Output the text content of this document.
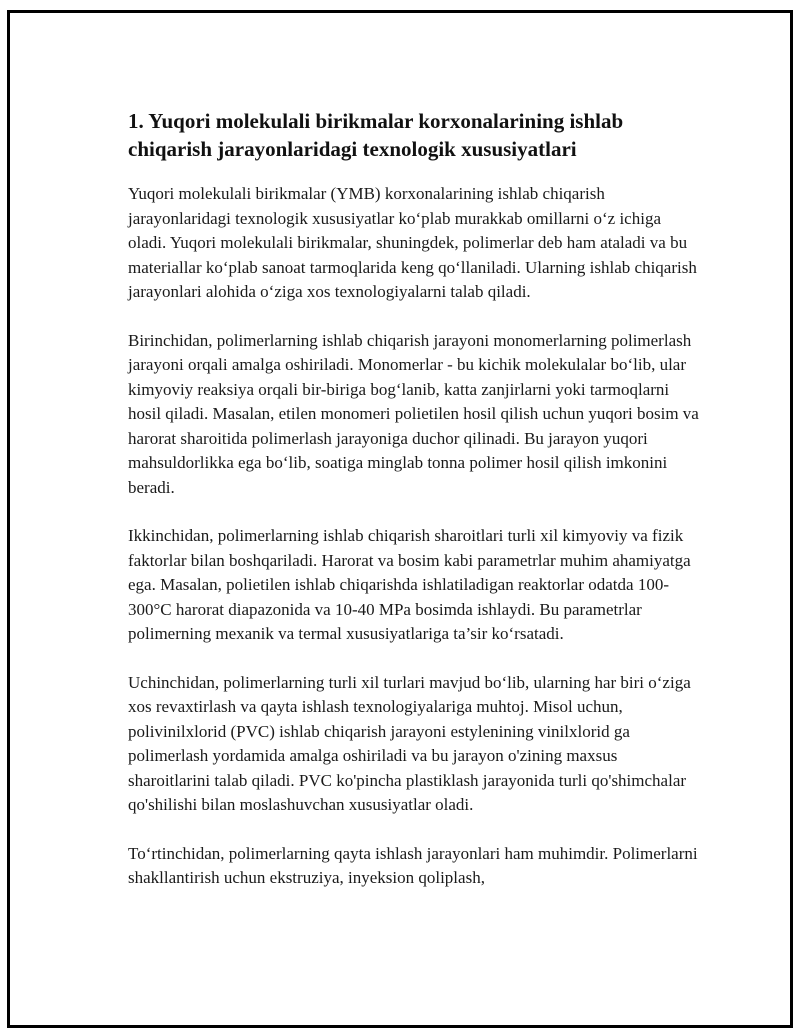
1. Yuqori molekulali birikmalar korxonalarining ishlab chiqarish jarayonlaridagi texnologik xususiyatlari

Yuqori molekulali birikmalar (YMB) korxonalarining ishlab chiqarish jarayonlaridagi texnologik xususiyatlar ko‘plab murakkab omillarni o‘z ichiga oladi. Yuqori molekulali birikmalar, shuningdek, polimerlar deb ham ataladi va bu materiallar ko‘plab sanoat tarmoqlarida keng qo‘llaniladi. Ularning ishlab chiqarish jarayonlari alohida o‘ziga xos texnologiyalarni talab qiladi.

Birinchidan, polimerlarning ishlab chiqarish jarayoni monomerlarning polimerlash jarayoni orqali amalga oshiriladi. Monomerlar - bu kichik molekulalar bo‘lib, ular kimyoviy reaksiya orqali bir-biriga bog‘lanib, katta zanjirlarni yoki tarmoqlarni hosil qiladi. Masalan, etilen monomeri polietilen hosil qilish uchun yuqori bosim va harorat sharoitida polimerlash jarayoniga duchor qilinadi. Bu jarayon yuqori mahsuldorlikka ega bo‘lib, soatiga minglab tonna polimer hosil qilish imkonini beradi.

Ikkinchidan, polimerlarning ishlab chiqarish sharoitlari turli xil kimyoviy va fizik faktorlar bilan boshqariladi. Harorat va bosim kabi parametrlar muhim ahamiyatga ega. Masalan, polietilen ishlab chiqarishda ishlatiladigan reaktorlar odatda 100-300°C harorat diapazonida va 10-40 MPa bosimda ishlaydi. Bu parametrlar polimerning mexanik va termal xususiyatlariga ta’sir ko‘rsatadi.

Uchinchidan, polimerlarning turli xil turlari mavjud bo‘lib, ularning har biri o‘ziga xos revaxtirlash va qayta ishlash texnologiyalariga muhtoj. Misol uchun, polivinilxlorid (PVC) ishlab chiqarish jarayoni estylenining vinilxlorid ga polimerlash yordamida amalga oshiriladi va bu jarayon o'zining maxsus sharoitlarini talab qiladi. PVC ko'pincha plastiklash jarayonida turli qo'shimchalar qo'shilishi bilan moslashuvchan xususiyatlar oladi.

To‘rtinchidan, polimerlarning qayta ishlash jarayonlari ham muhimdir. Polimerlarni shakllantirish uchun ekstruziya, inyeksion qoliplash,
